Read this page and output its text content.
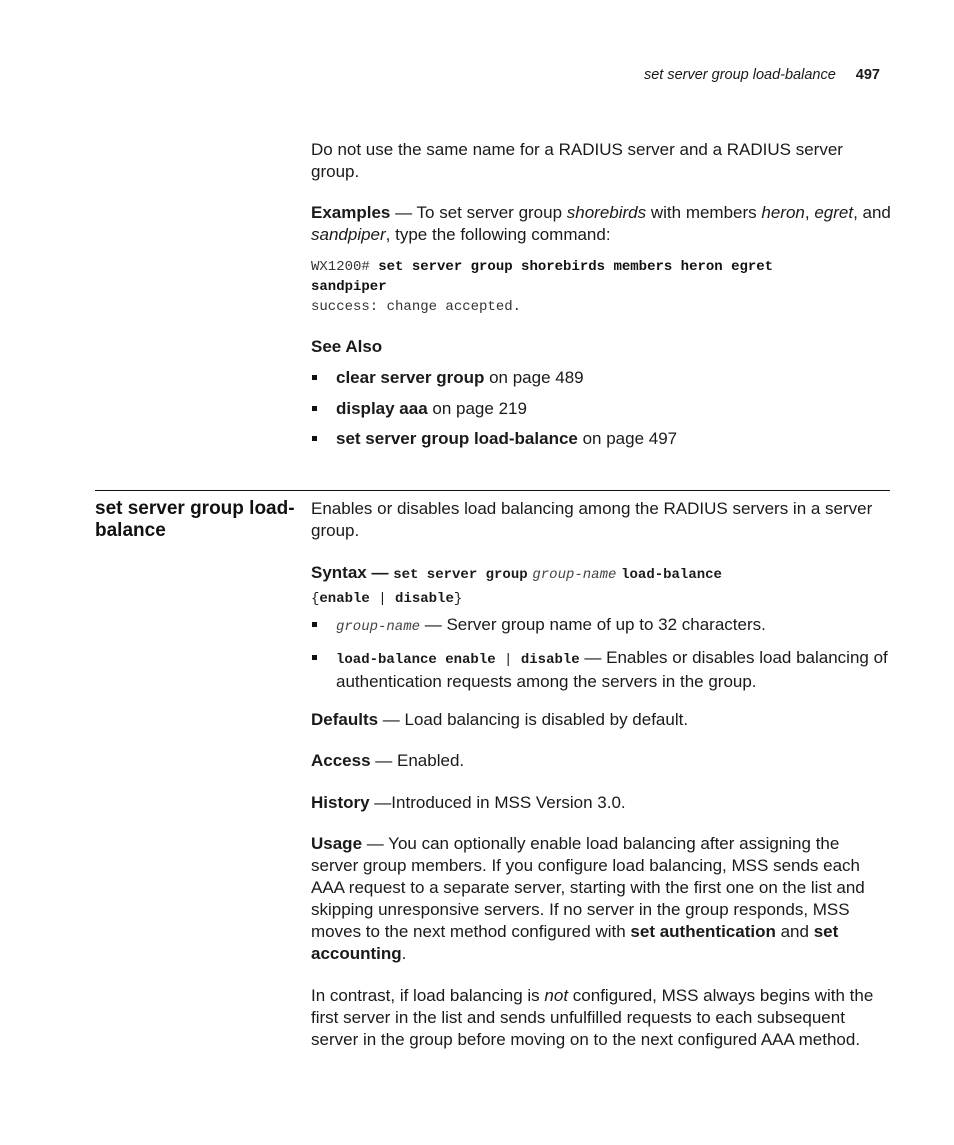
set server group load-balance 497
Do not use the same name for a RADIUS server and a RADIUS server group.
Examples — To set server group shorebirds with members heron, egret, and sandpiper, type the following command:
WX1200# set server group shorebirds members heron egret sandpiper
success: change accepted.
See Also
clear server group on page 489
display aaa on page 219
set server group load-balance on page 497
set server group load-balance
Enables or disables load balancing among the RADIUS servers in a server group.
Syntax — set server group group-name load-balance
{enable | disable}
group-name — Server group name of up to 32 characters.
load-balance enable | disable — Enables or disables load balancing of authentication requests among the servers in the group.
Defaults — Load balancing is disabled by default.
Access — Enabled.
History —Introduced in MSS Version 3.0.
Usage — You can optionally enable load balancing after assigning the server group members. If you configure load balancing, MSS sends each AAA request to a separate server, starting with the first one on the list and skipping unresponsive servers. If no server in the group responds, MSS moves to the next method configured with set authentication and set accounting.
In contrast, if load balancing is not configured, MSS always begins with the first server in the list and sends unfulfilled requests to each subsequent server in the group before moving on to the next configured AAA method.
